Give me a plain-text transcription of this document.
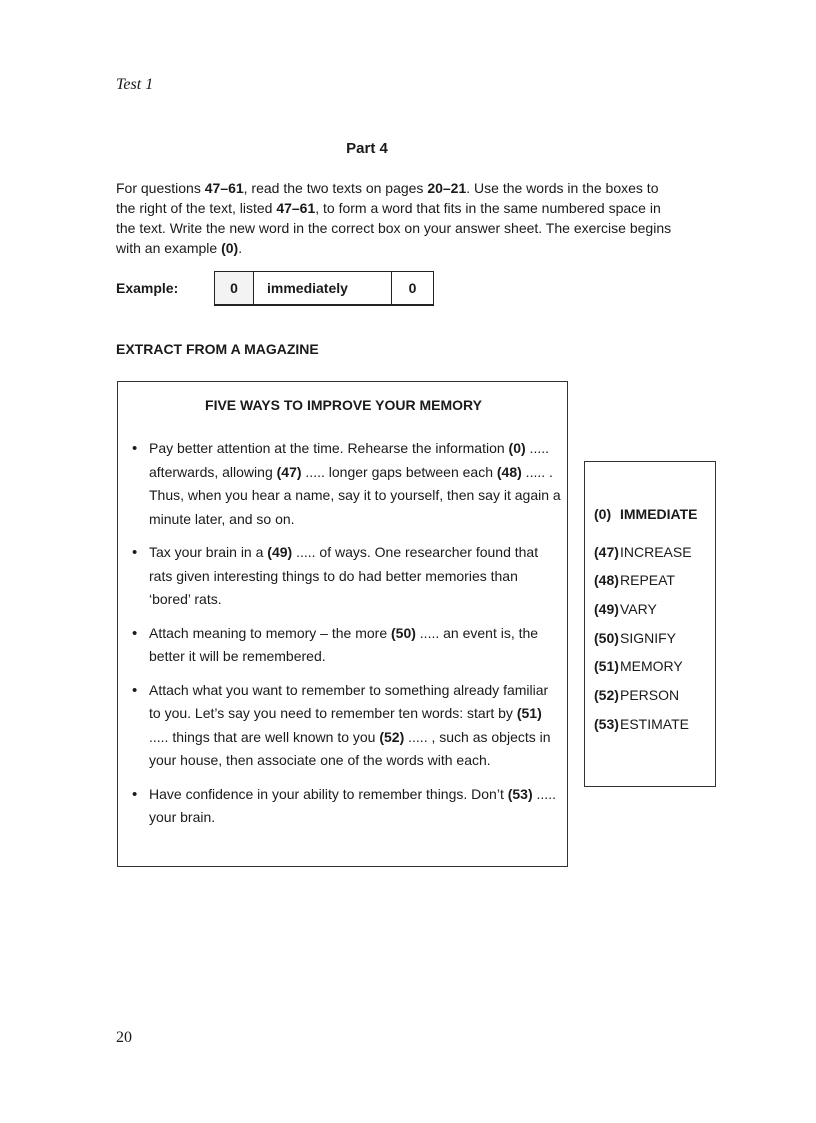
Test 1
Part 4
For questions 47–61, read the two texts on pages 20–21. Use the words in the boxes to the right of the text, listed 47–61, to form a word that fits in the same numbered space in the text. Write the new word in the correct box on your answer sheet. The exercise begins with an example (0).
Example:	0	immediately	0
EXTRACT FROM A MAGAZINE
FIVE WAYS TO IMPROVE YOUR MEMORY
• Pay better attention at the time. Rehearse the information (0) ..... afterwards, allowing (47) ..... longer gaps between each (48) ..... . Thus, when you hear a name, say it to yourself, then say it again a minute later, and so on.
• Tax your brain in a (49) ..... of ways. One researcher found that rats given interesting things to do had better memories than ‘bored’ rats.
• Attach meaning to memory – the more (50) ..... an event is, the better it will be remembered.
• Attach what you want to remember to something already familiar to you. Let’s say you need to remember ten words: start by (51) ..... things that are well known to you (52) ..... , such as objects in your house, then associate one of the words with each.
• Have confidence in your ability to remember things. Don’t (53) ..... your brain.
(0) IMMEDIATE
(47) INCREASE
(48) REPEAT
(49) VARY
(50) SIGNIFY
(51) MEMORY
(52) PERSON
(53) ESTIMATE
20
